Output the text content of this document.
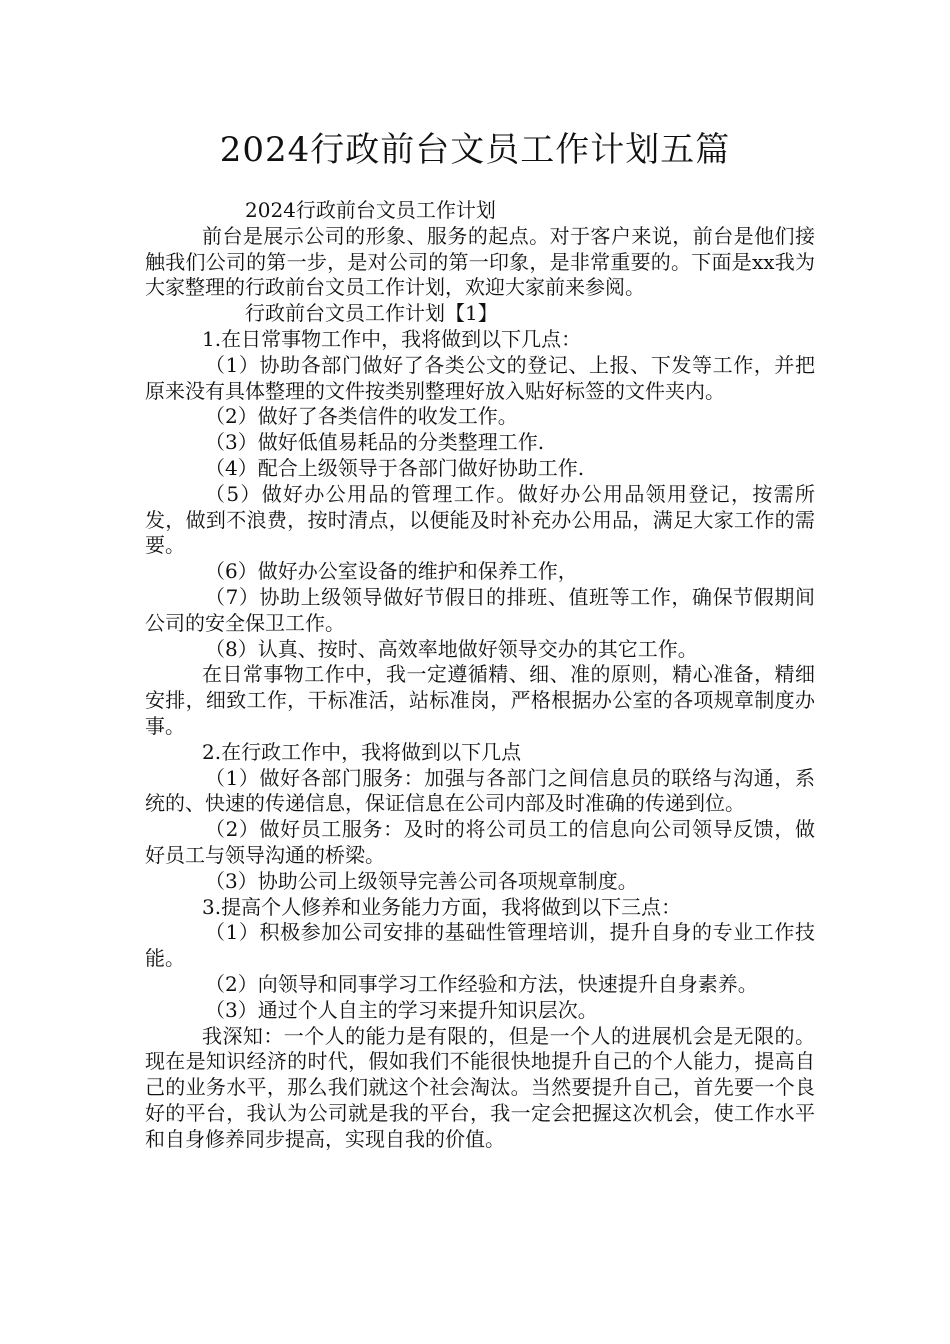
2024行政前台文员工作计划五篇

2024行政前台文员工作计划

前台是展示公司的形象、服务的起点。对于客户来说，前台是他们接触我们公司的第一步，是对公司的第一印象，是非常重要的。下面是xx我为大家整理的行政前台文员工作计划，欢迎大家前来参阅。

行政前台文员工作计划【1】

1.在日常事物工作中，我将做到以下几点：

（1）协助各部门做好了各类公文的登记、上报、下发等工作，并把原来没有具体整理的文件按类别整理好放入贴好标签的文件夹内。

（2）做好了各类信件的收发工作。

（3）做好低值易耗品的分类整理工作.

（4）配合上级领导于各部门做好协助工作.

（5）做好办公用品的管理工作。做好办公用品领用登记，按需所发，做到不浪费，按时清点，以便能及时补充办公用品，满足大家工作的需要。

（6）做好办公室设备的维护和保养工作，

（7）协助上级领导做好节假日的排班、值班等工作，确保节假期间公司的安全保卫工作。

（8）认真、按时、高效率地做好领导交办的其它工作。

在日常事物工作中，我一定遵循精、细、准的原则，精心准备，精细安排，细致工作，干标准活，站标准岗，严格根据办公室的各项规章制度办事。

2.在行政工作中，我将做到以下几点

（1）做好各部门服务：加强与各部门之间信息员的联络与沟通，系统的、快速的传递信息，保证信息在公司内部及时准确的传递到位。

（2）做好员工服务：及时的将公司员工的信息向公司领导反馈，做好员工与领导沟通的桥梁。

（3）协助公司上级领导完善公司各项规章制度。

3.提高个人修养和业务能力方面，我将做到以下三点：

（1）积极参加公司安排的基础性管理培训，提升自身的专业工作技能。

（2）向领导和同事学习工作经验和方法，快速提升自身素养。

（3）通过个人自主的学习来提升知识层次。

我深知：一个人的能力是有限的，但是一个人的进展机会是无限的。现在是知识经济的时代，假如我们不能很快地提升自己的个人能力，提高自己的业务水平，那么我们就这个社会淘汰。当然要提升自己，首先要一个良好的平台，我认为公司就是我的平台，我一定会把握这次机会，使工作水平和自身修养同步提高，实现自我的价值。
